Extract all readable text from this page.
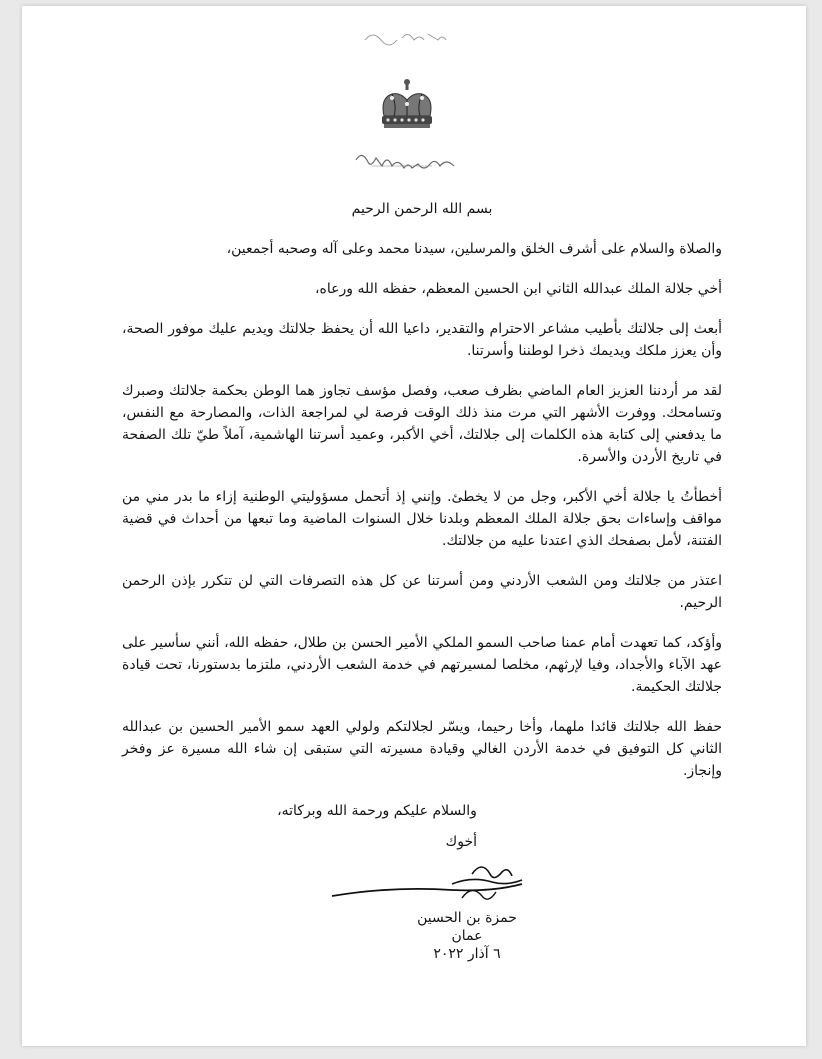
بسم الله الرحمن الرحيم
والصلاة والسلام على أشرف الخلق والمرسلين، سيدنا محمد وعلى آله وصحبه أجمعين،
أخي جلالة الملك عبدالله الثاني ابن الحسين المعظم، حفظه الله ورعاه،

أبعث إلى جلالتك بأطيب مشاعر الاحترام والتقدير، داعيا الله أن يحفظ جلالتك ويديم عليك موفور الصحة، وأن يعزز ملكك ويديمك ذخرا لوطننا وأسرتنا.

لقد مر أردننا العزيز العام الماضي بظرف صعب، وفصل مؤسف تجاوز هما الوطن بحكمة جلالتك وصبرك وتسامحك. ووفرت الأشهر التي مرت منذ ذلك الوقت فرصة لي لمراجعة الذات، والمصارحة مع النفس، ما يدفعني إلى كتابة هذه الكلمات إلى جلالتك، أخي الأكبر، وعميد أسرتنا الهاشمية، آملاً طيّ تلك الصفحة في تاريخ الأردن والأسرة.

أخطأتُ يا جلالة أخي الأكبر، وجل من لا يخطئ. وإنني إذ أتحمل مسؤوليتي الوطنية إزاء ما بدر مني من مواقف وإساءات بحق جلالة الملك المعظم وبلدنا خلال السنوات الماضية وما تبعها من أحداث في قضية الفتنة، لأمل بصفحك الذي اعتدنا عليه من جلالتك.

اعتذر من جلالتك ومن الشعب الأردني ومن أسرتنا عن كل هذه التصرفات التي لن تتكرر بإذن الرحمن الرحيم.

وأؤكد، كما تعهدت أمام عمنا صاحب السمو الملكي الأمير الحسن بن طلال، حفظه الله، أنني سأسير على عهد الآباء والأجداد، وفيا لإرثهم، مخلصا لمسيرتهم في خدمة الشعب الأردني، ملتزما بدستورنا، تحت قيادة جلالتك الحكيمة.

حفظ الله جلالتك قائدا ملهما، وأخا رحيما، ويسّر لجلالتكم ولولي العهد سمو الأمير الحسين بن عبدالله الثاني كل التوفيق في خدمة الأردن الغالي وقيادة مسيرته التي ستبقى إن شاء الله مسيرة عز وفخر وإنجاز.

والسلام عليكم ورحمة الله وبركاته،
أخوك
حمزة بن الحسين
عمان
٦ آذار ٢٠٢٢
